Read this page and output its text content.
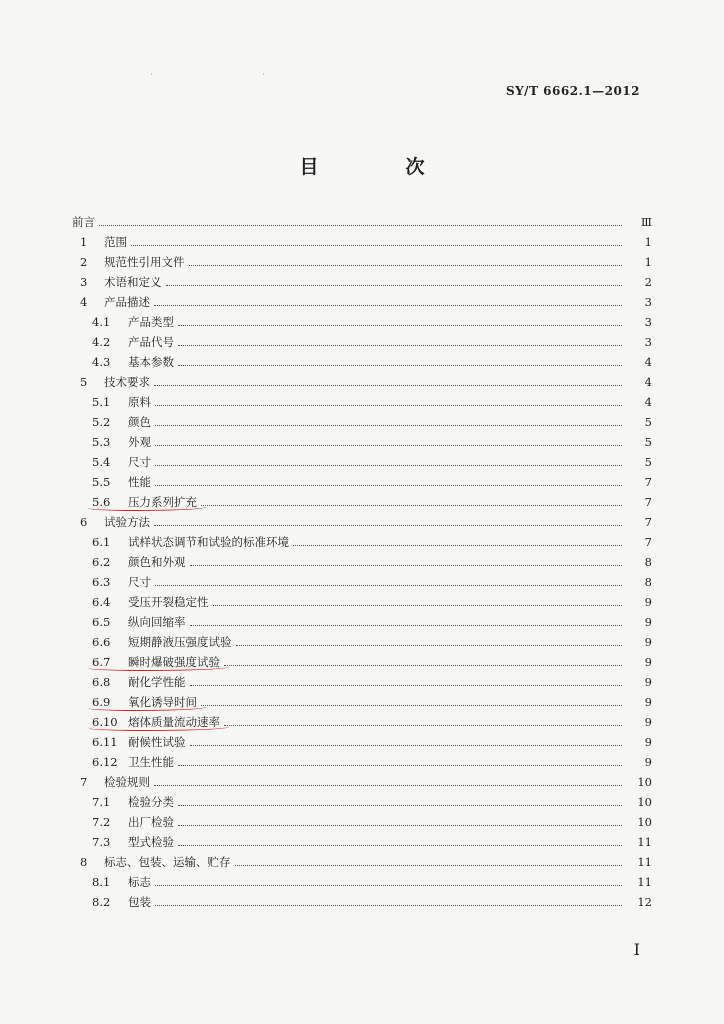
·	·
SY/T 6662.1—2012
目　次
前言	Ⅲ
1	范围	1
2	规范性引用文件	1
3	术语和定义	2
4	产品描述	3
4.1	产品类型	3
4.2	产品代号	3
4.3	基本参数	4
5	技术要求	4
5.1	原料	4
5.2	颜色	5
5.3	外观	5
5.4	尺寸	5
5.5	性能	7
5.6	压力系列扩充	7
6	试验方法	7
6.1	试样状态调节和试验的标准环境	7
6.2	颜色和外观	8
6.3	尺寸	8
6.4	受压开裂稳定性	9
6.5	纵向回缩率	9
6.6	短期静液压强度试验	9
6.7	瞬时爆破强度试验	9
6.8	耐化学性能	9
6.9	氧化诱导时间	9
6.10 熔体质量流动速率	9
6.11 耐候性试验	9
6.12 卫生性能	9
7	检验规则	10
7.1	检验分类	10
7.2	出厂检验	10
7.3	型式检验	11
8	标志、包装、运输、贮存	11
8.1	标志	11
8.2	包装	12
Ⅰ
